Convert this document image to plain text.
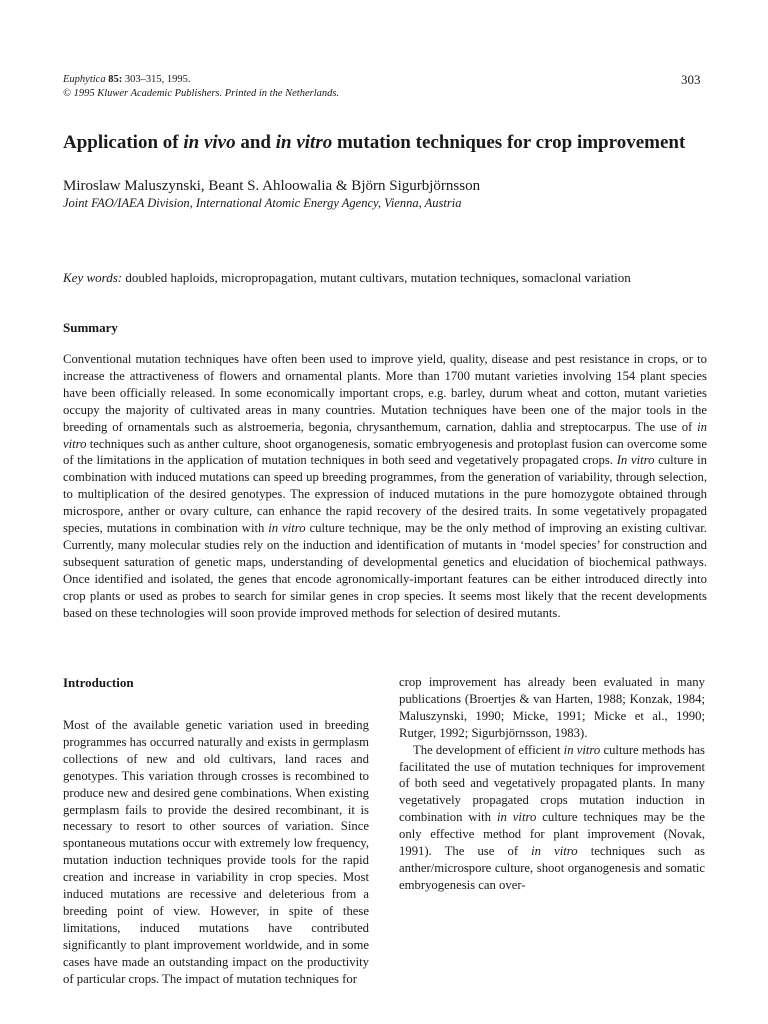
Euphytica 85: 303–315, 1995.
© 1995 Kluwer Academic Publishers. Printed in the Netherlands.
303
Application of in vivo and in vitro mutation techniques for crop improvement
Miroslaw Maluszynski, Beant S. Ahloowalia & Björn Sigurbjörnsson
Joint FAO/IAEA Division, International Atomic Energy Agency, Vienna, Austria
Key words: doubled haploids, micropropagation, mutant cultivars, mutation techniques, somaclonal variation
Summary

Conventional mutation techniques have often been used to improve yield, quality, disease and pest resistance in crops, or to increase the attractiveness of flowers and ornamental plants. More than 1700 mutant varieties involving 154 plant species have been officially released. In some economically important crops, e.g. barley, durum wheat and cotton, mutant varieties occupy the majority of cultivated areas in many countries. Mutation techniques have been one of the major tools in the breeding of ornamentals such as alstroemeria, begonia, chrysanthemum, carnation, dahlia and streptocarpus. The use of in vitro techniques such as anther culture, shoot organogenesis, somatic embryogenesis and protoplast fusion can overcome some of the limitations in the application of mutation techniques in both seed and vegetatively propagated crops. In vitro culture in combination with induced mutations can speed up breeding programmes, from the generation of variability, through selection, to multiplication of the desired genotypes. The expression of induced mutations in the pure homozygote obtained through microspore, anther or ovary culture, can enhance the rapid recovery of the desired traits. In some vegetatively propagated species, mutations in combination with in vitro culture technique, may be the only method of improving an existing cultivar. Currently, many molecular studies rely on the induction and identification of mutants in ‘model species’ for construction and subsequent saturation of genetic maps, understanding of developmental genetics and elucidation of biochemical pathways. Once identified and isolated, the genes that encode agronomically-important features can be either introduced directly into crop plants or used as probes to search for similar genes in crop species. It seems most likely that the recent developments based on these technologies will soon provide improved methods for selection of desired mutants.

Introduction

Most of the available genetic variation used in breeding programmes has occurred naturally and exists in germplasm collections of new and old cultivars, land races and genotypes. This variation through crosses is recombined to produce new and desired gene combinations. When existing germplasm fails to provide the desired recombinant, it is necessary to resort to other sources of variation. Since spontaneous mutations occur with extremely low frequency, mutation induction techniques provide tools for the rapid creation and increase in variability in crop species. Most induced mutations are recessive and deleterious from a breeding point of view. However, in spite of these limitations, induced mutations have contributed significantly to plant improvement worldwide, and in some cases have made an outstanding impact on the productivity of particular crops. The impact of mutation techniques for

crop improvement has already been evaluated in many publications (Broertjes & van Harten, 1988; Konzak, 1984; Maluszynski, 1990; Micke, 1991; Micke et al., 1990; Rutger, 1992; Sigurbjörnsson, 1983).

The development of efficient in vitro culture methods has facilitated the use of mutation techniques for improvement of both seed and vegetatively propagated plants. In many vegetatively propagated crops mutation induction in combination with in vitro culture techniques may be the only effective method for plant improvement (Novak, 1991). The use of in vitro techniques such as anther/microspore culture, shoot organogenesis and somatic embryogenesis can over-
